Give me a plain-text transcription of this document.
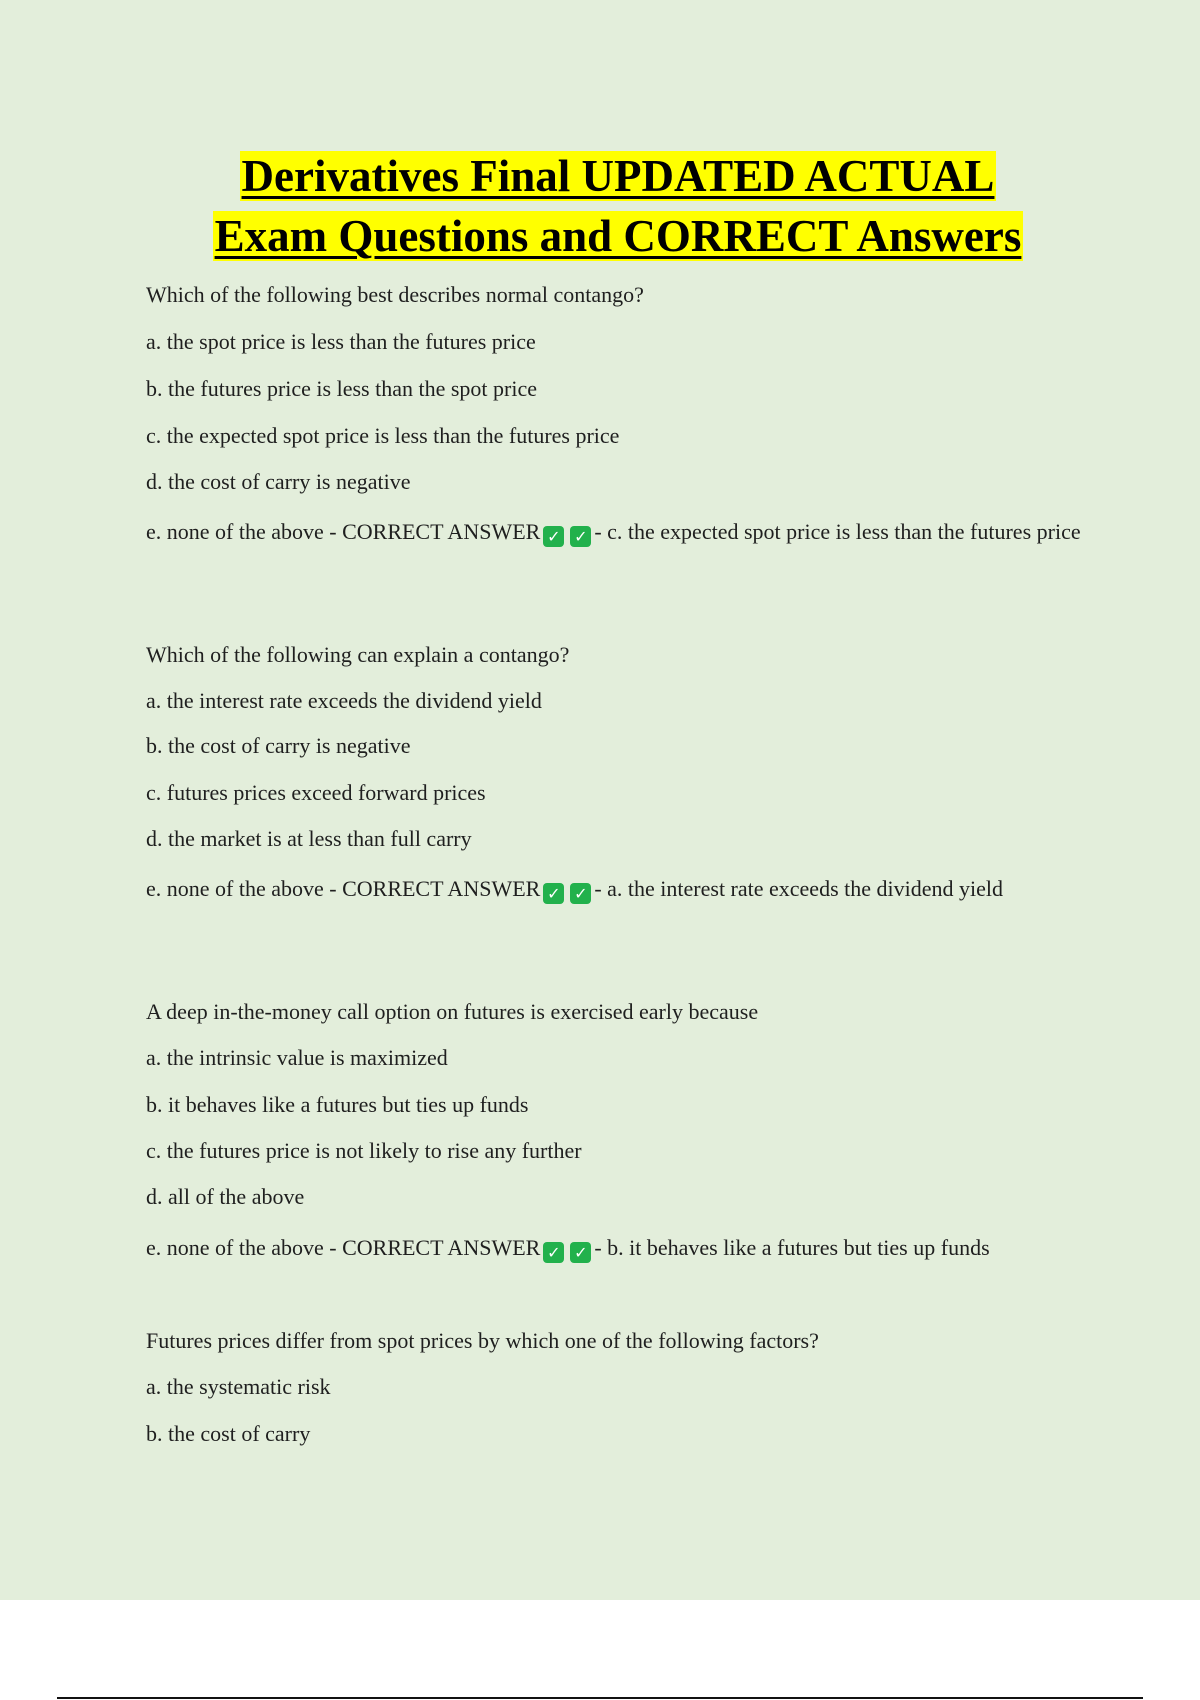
Derivatives Final UPDATED ACTUAL
Exam Questions and CORRECT Answers
Which of the following best describes normal contango?
a. the spot price is less than the futures price
b. the futures price is less than the spot price
c. the expected spot price is less than the futures price
d. the cost of carry is negative
e. none of the above - CORRECT ANSWER ✓ ✓ - c. the expected spot price is less than the futures price
Which of the following can explain a contango?
a. the interest rate exceeds the dividend yield
b. the cost of carry is negative
c. futures prices exceed forward prices
d. the market is at less than full carry
e. none of the above - CORRECT ANSWER ✓ ✓ - a. the interest rate exceeds the dividend yield
A deep in-the-money call option on futures is exercised early because
a. the intrinsic value is maximized
b. it behaves like a futures but ties up funds
c. the futures price is not likely to rise any further
d. all of the above
e. none of the above - CORRECT ANSWER ✓ ✓ - b. it behaves like a futures but ties up funds
Futures prices differ from spot prices by which one of the following factors?
a. the systematic risk
b. the cost of carry
